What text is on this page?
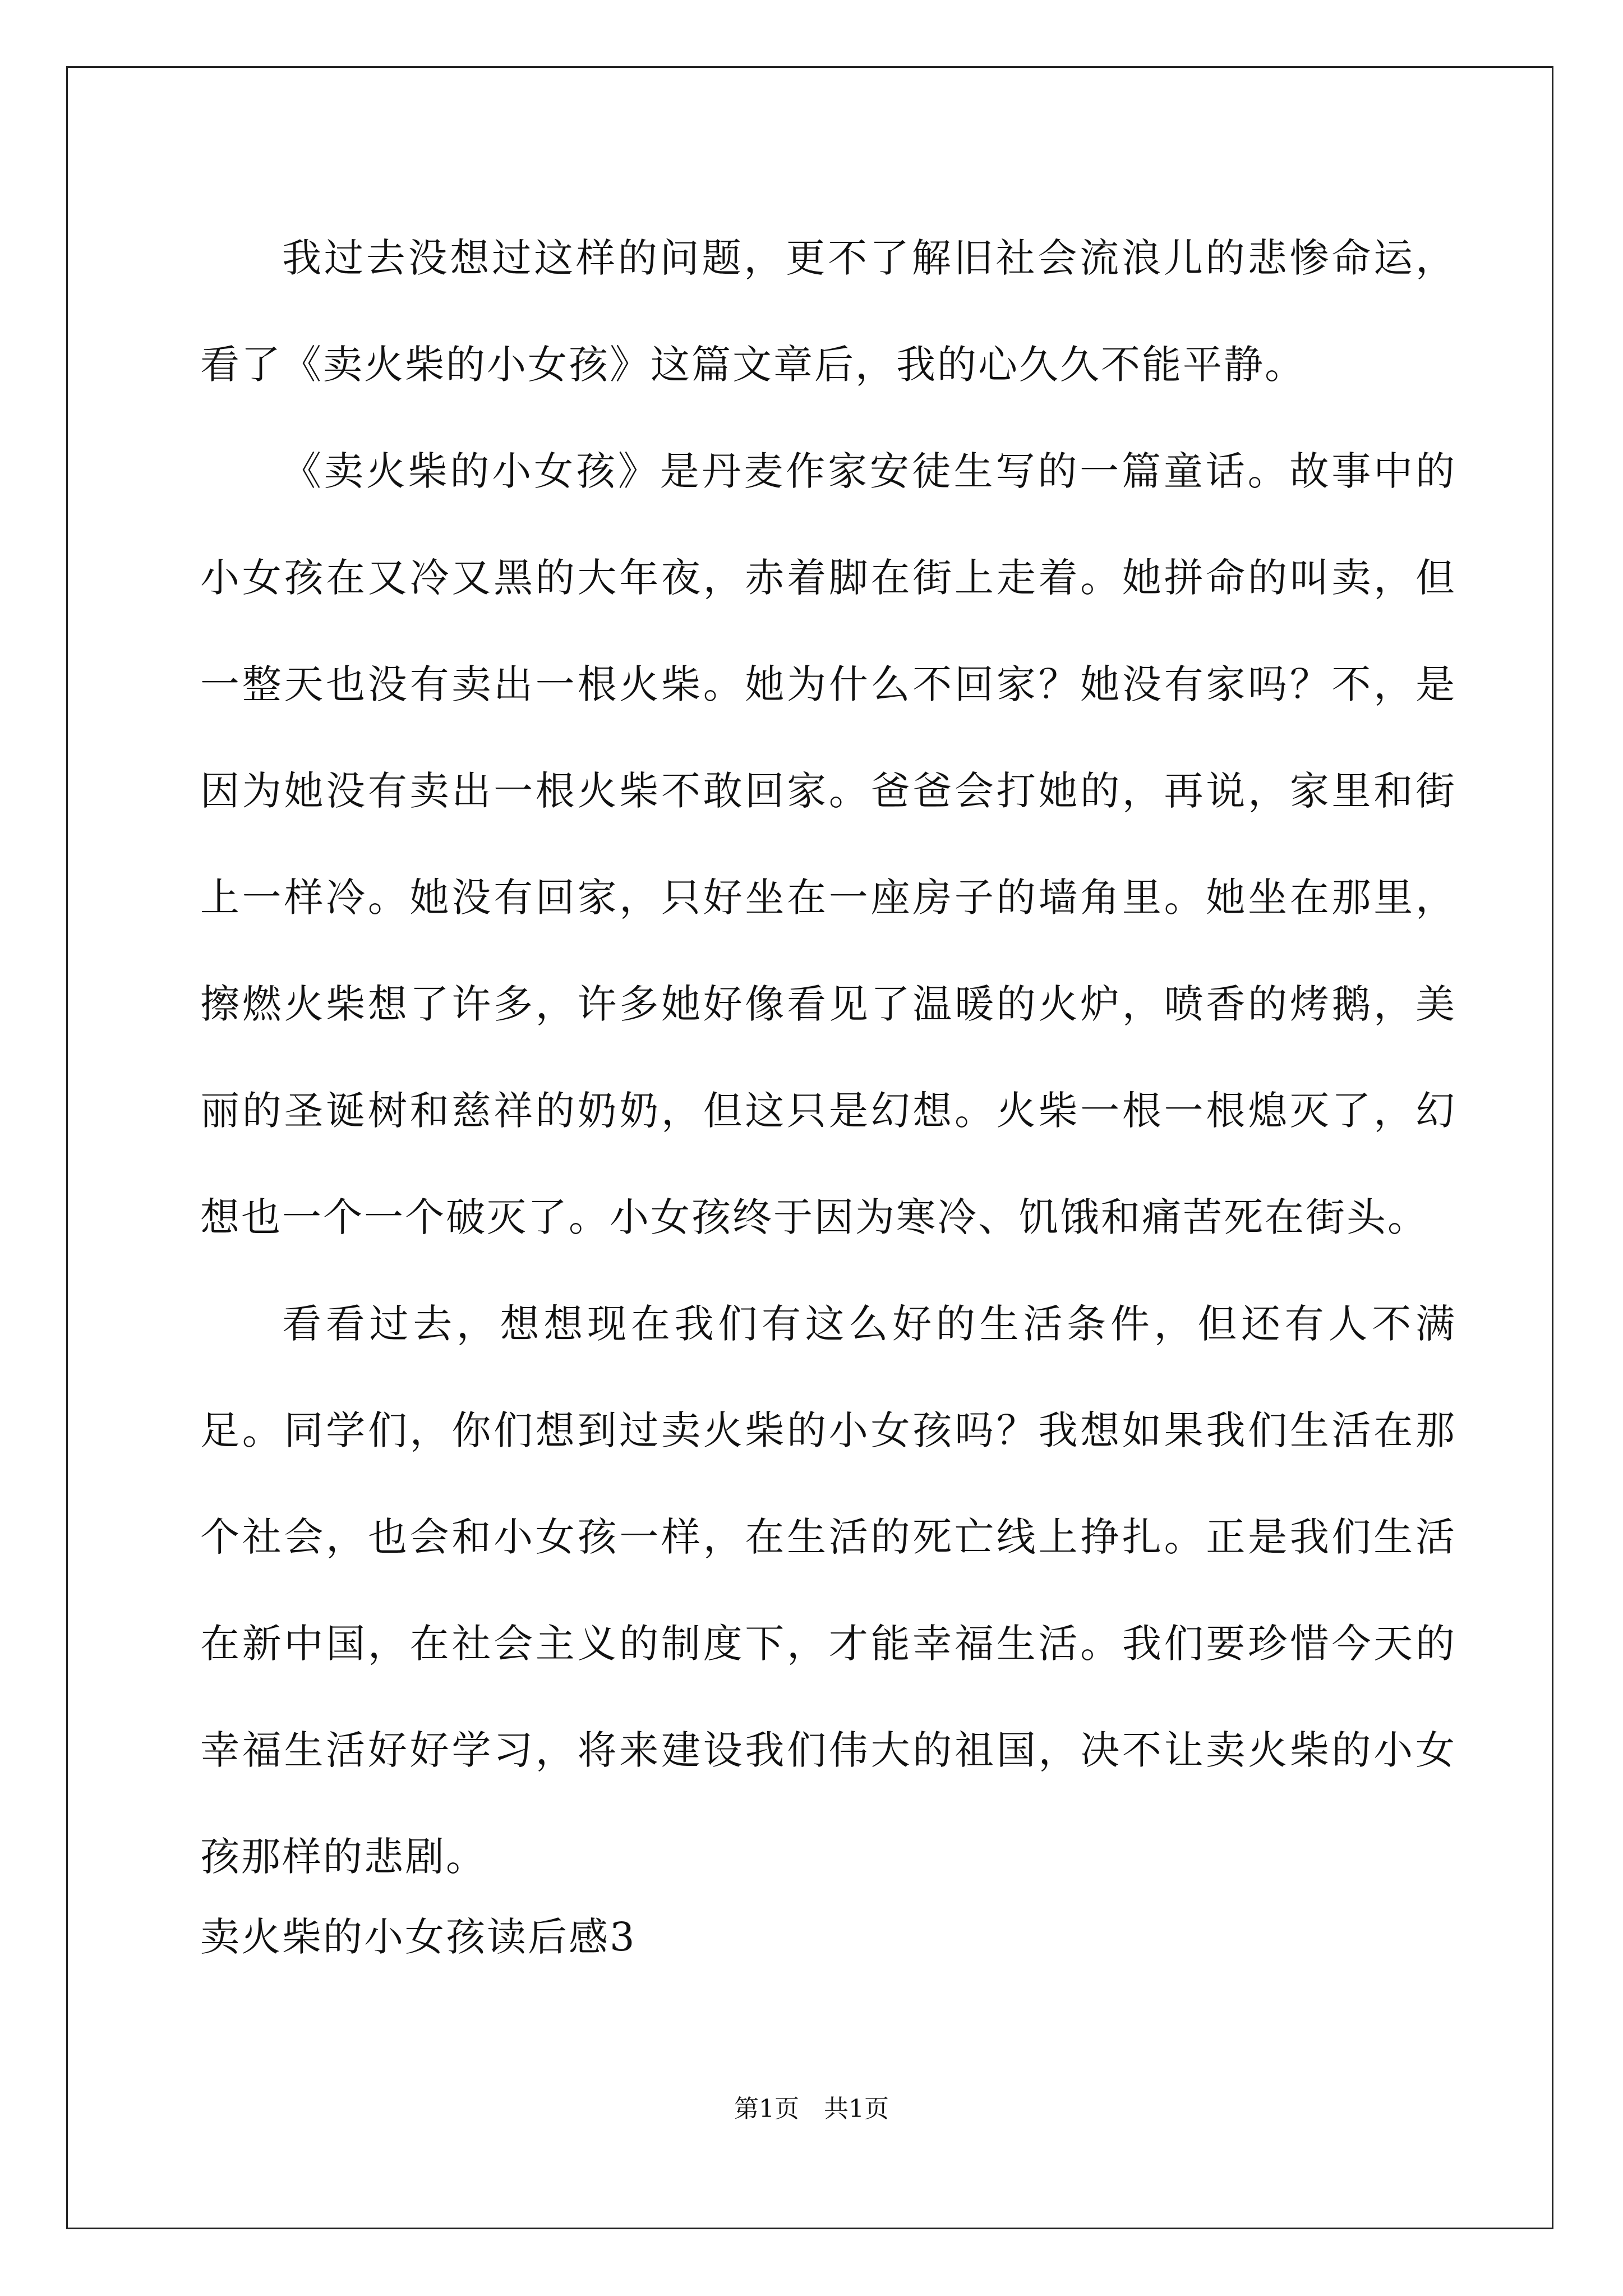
我过去没想过这样的问题，更不了解旧社会流浪儿的悲惨命运，看了《卖火柴的小女孩》这篇文章后，我的心久久不能平静。

《卖火柴的小女孩》是丹麦作家安徒生写的一篇童话。故事中的小女孩在又冷又黑的大年夜，赤着脚在街上走着。她拼命的叫卖，但一整天也没有卖出一根火柴。她为什么不回家？她没有家吗？不，是因为她没有卖出一根火柴不敢回家。爸爸会打她的，再说，家里和街上一样冷。她没有回家，只好坐在一座房子的墙角里。她坐在那里，擦燃火柴想了许多，许多她好像看见了温暖的火炉，喷香的烤鹅，美丽的圣诞树和慈祥的奶奶，但这只是幻想。火柴一根一根熄灭了，幻想也一个一个破灭了。小女孩终于因为寒冷、饥饿和痛苦死在街头。

看看过去，想想现在我们有这么好的生活条件，但还有人不满足。同学们，你们想到过卖火柴的小女孩吗？我想如果我们生活在那个社会，也会和小女孩一样，在生活的死亡线上挣扎。正是我们生活在新中国，在社会主义的制度下，才能幸福生活。我们要珍惜今天的幸福生活好好学习，将来建设我们伟大的祖国，决不让卖火柴的小女孩那样的悲剧。

卖火柴的小女孩读后感3
第1页　共1页
